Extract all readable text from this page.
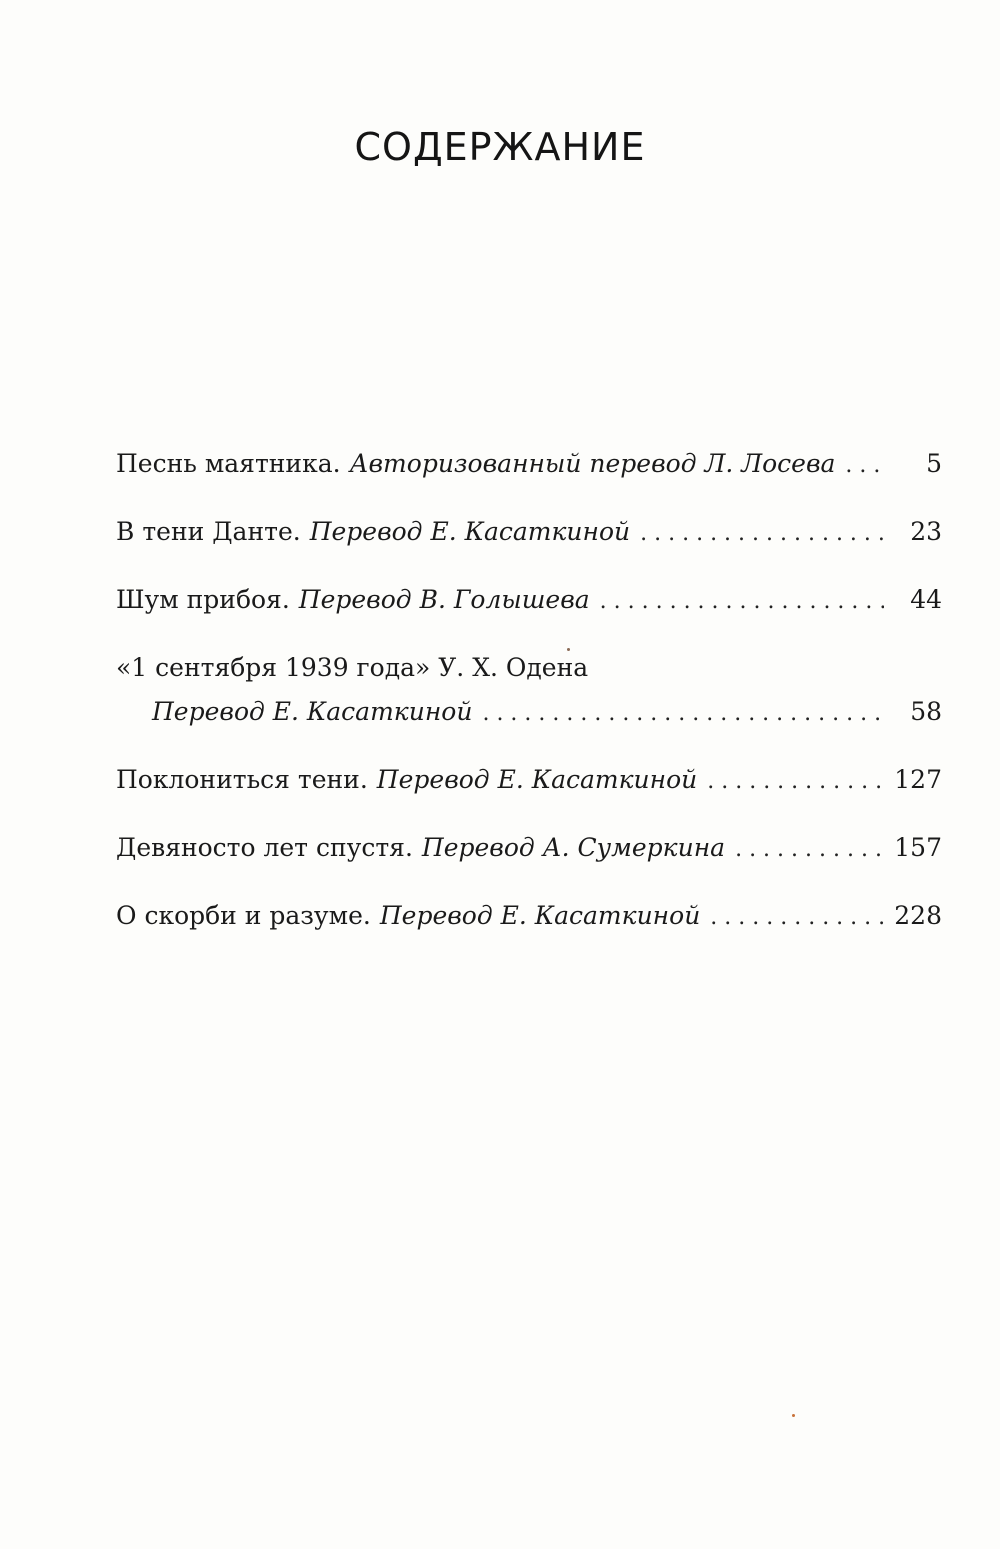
СОДЕРЖАНИЕ
Песнь маятника. Авторизованный перевод Л. Лосева . . .	5
В тени Данте. Перевод Е. Касаткиной . . .	23
Шум прибоя. Перевод В. Голышева . . .	44
«1 сентября 1939 года» У. Х. Одена
Перевод Е. Касаткиной . . .	58
Поклониться тени. Перевод Е. Касаткиной . . .	127
Девяносто лет спустя. Перевод А. Сумеркина . . .	157
О скорби и разуме. Перевод Е. Касаткиной . . .	228
